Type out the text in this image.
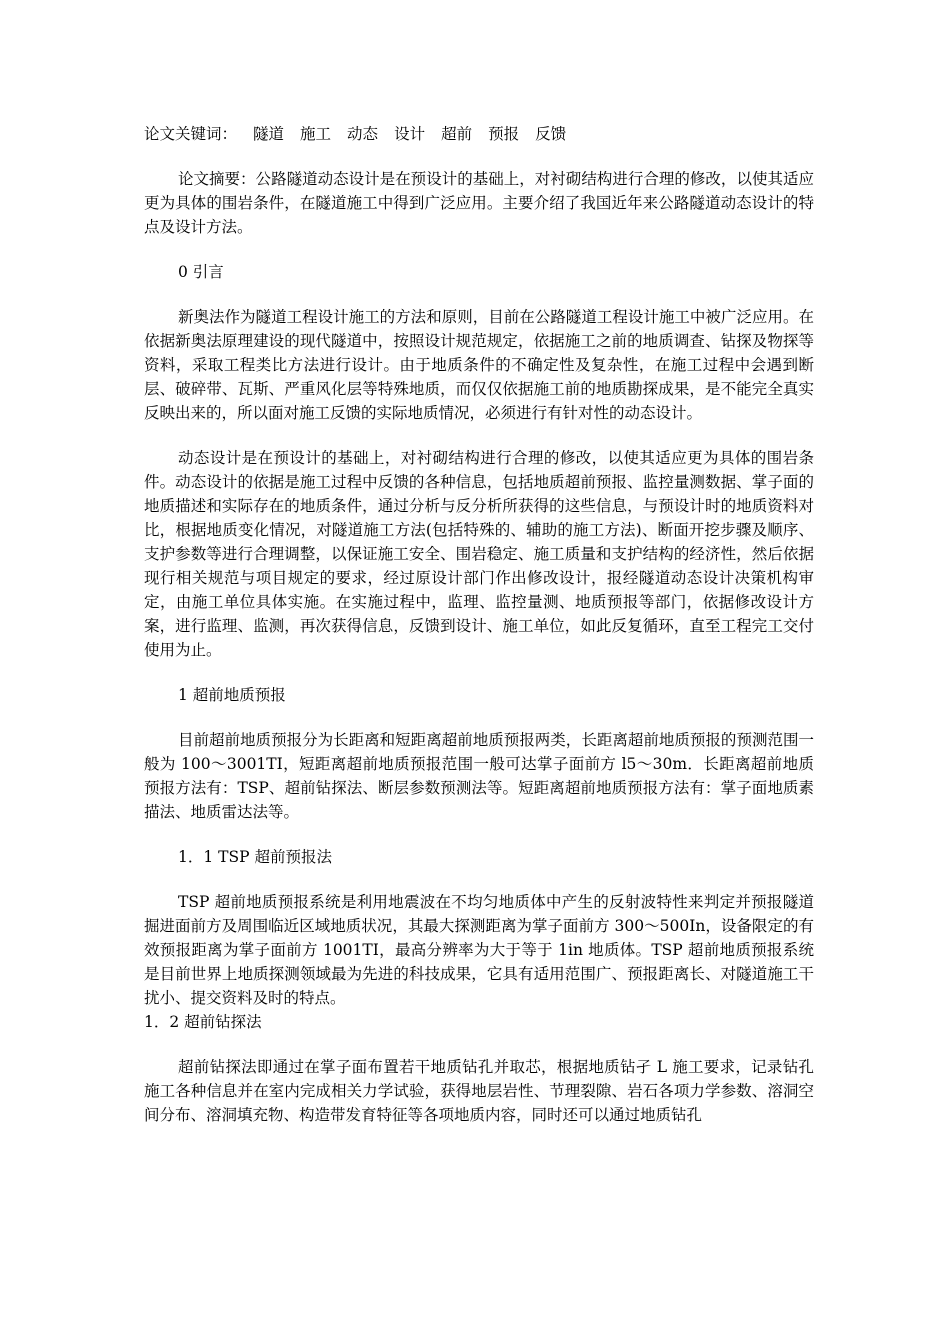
论文关键词： 隧道 施工 动态 设计 超前 预报 反馈

论文摘要：公路隧道动态设计是在预设计的基础上，对衬砌结构进行合理的修改，以使其适应更为具体的围岩条件，在隧道施工中得到广泛应用。主要介绍了我国近年来公路隧道动态设计的特点及设计方法。

0 引言

新奥法作为隧道工程设计施工的方法和原则，目前在公路隧道工程设计施工中被广泛应用。在依据新奥法原理建设的现代隧道中，按照设计规范规定，依据施工之前的地质调查、钻探及物探等资料，采取工程类比方法进行设计。由于地质条件的不确定性及复杂性，在施工过程中会遇到断层、破碎带、瓦斯、严重风化层等特殊地质，而仅仅依据施工前的地质勘探成果，是不能完全真实反映出来的，所以面对施工反馈的实际地质情况，必须进行有针对性的动态设计。

动态设计是在预设计的基础上，对衬砌结构进行合理的修改，以使其适应更为具体的围岩条件。动态设计的依据是施工过程中反馈的各种信息，包括地质超前预报、监控量测数据、掌子面的地质描述和实际存在的地质条件，通过分析与反分析所获得的这些信息，与预设计时的地质资料对比，根据地质变化情况，对隧道施工方法(包括特殊的、辅助的施工方法)、断面开挖步骤及顺序、支护参数等进行合理调整，以保证施工安全、围岩稳定、施工质量和支护结构的经济性，然后依据现行相关规范与项目规定的要求，经过原设计部门作出修改设计，报经隧道动态设计决策机构审定，由施工单位具体实施。在实施过程中，监理、监控量测、地质预报等部门，依据修改设计方案，进行监理、监测，再次获得信息，反馈到设计、施工单位，如此反复循环，直至工程完工交付使用为止。

1 超前地质预报

目前超前地质预报分为长距离和短距离超前地质预报两类，长距离超前地质预报的预测范围一般为 100～3001TI，短距离超前地质预报范围一般可达掌子面前方 l5～30m．长距离超前地质预报方法有：TSP、超前钻探法、断层参数预测法等。短距离超前地质预报方法有：掌子面地质素描法、地质雷达法等。

1．1 TSP 超前预报法

TSP 超前地质预报系统是利用地震波在不均匀地质体中产生的反射波特性来判定并预报隧道掘进面前方及周围临近区域地质状况，其最大探测距离为掌子面前方 300～500In，设备限定的有效预报距离为掌子面前方 1001TI，最高分辨率为大于等于 1in 地质体。TSP 超前地质预报系统是目前世界上地质探测领域最为先进的科技成果，它具有适用范围广、预报距离长、对隧道施工干扰小、提交资料及时的特点。

1．2 超前钻探法

超前钻探法即通过在掌子面布置若干地质钻孔并取芯，根据地质钻孑 L 施工要求，记录钻孔施工各种信息并在室内完成相关力学试验，获得地层岩性、节理裂隙、岩石各项力学参数、溶洞空间分布、溶洞填充物、构造带发育特征等各项地质内容，同时还可以通过地质钻孔
